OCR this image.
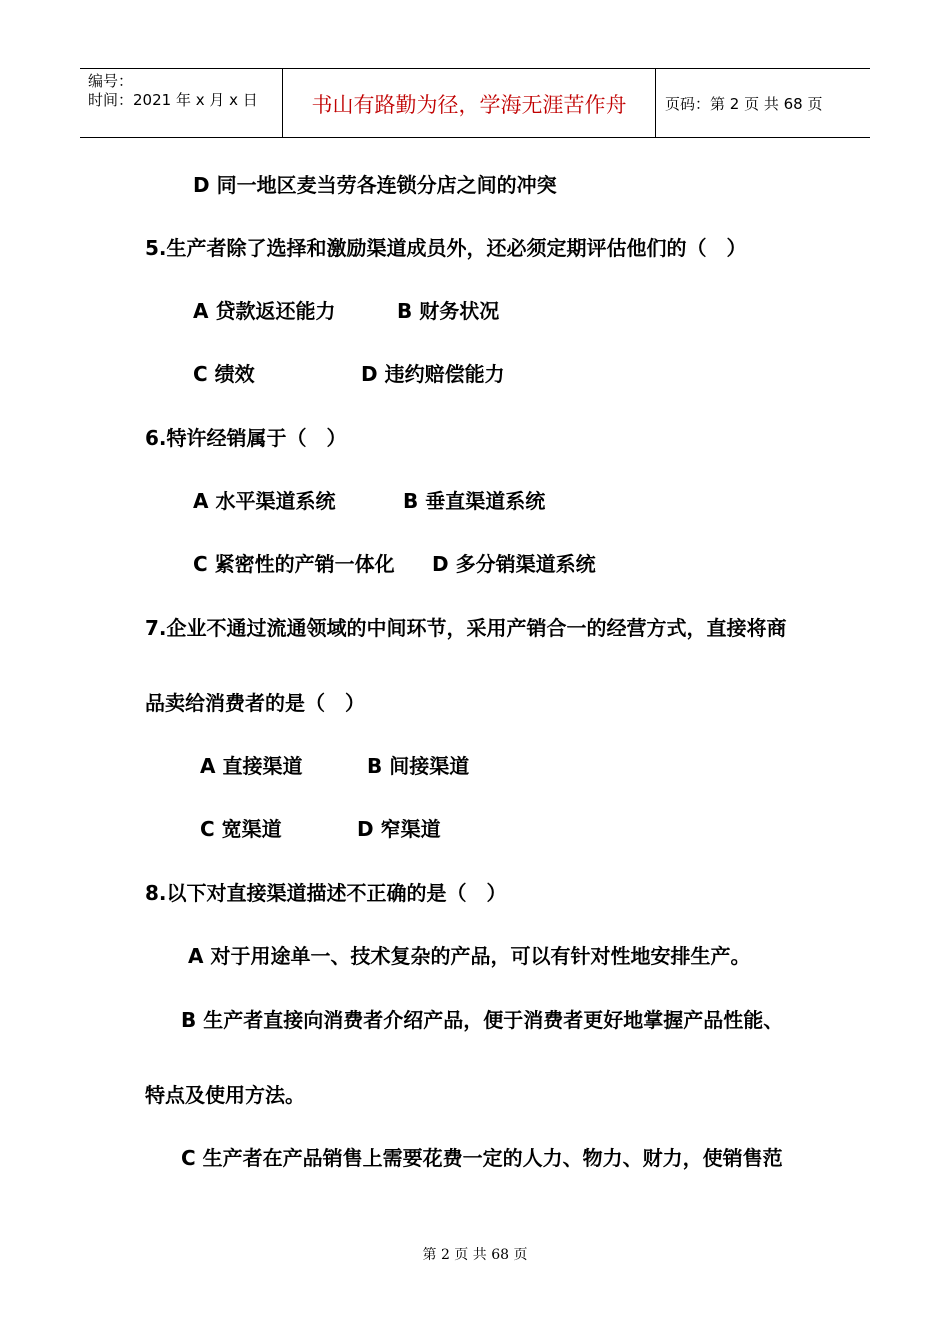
编号：
时间：2021 年 x 月 x 日	书山有路勤为径，学海无涯苦作舟	页码：第 2 页 共 68 页
D 同一地区麦当劳各连锁分店之间的冲突
5.生产者除了选择和激励渠道成员外，还必须定期评估他们的（　）
A 贷款返还能力	B 财务状况
C 绩效	D 违约赔偿能力
6.特许经销属于（　）
A 水平渠道系统	B 垂直渠道系统
C 紧密性的产销一体化 D 多分销渠道系统
7.企业不通过流通领域的中间环节，采用产销合一的经营方式，直接将商
品卖给消费者的是（　）
A 直接渠道	B 间接渠道
C 宽渠道	D 窄渠道
8.以下对直接渠道描述不正确的是（　）
A 对于用途单一、技术复杂的产品，可以有针对性地安排生产。
B 生产者直接向消费者介绍产品，便于消费者更好地掌握产品性能、
特点及使用方法。
C 生产者在产品销售上需要花费一定的人力、物力、财力，使销售范
第 2 页 共 68 页
